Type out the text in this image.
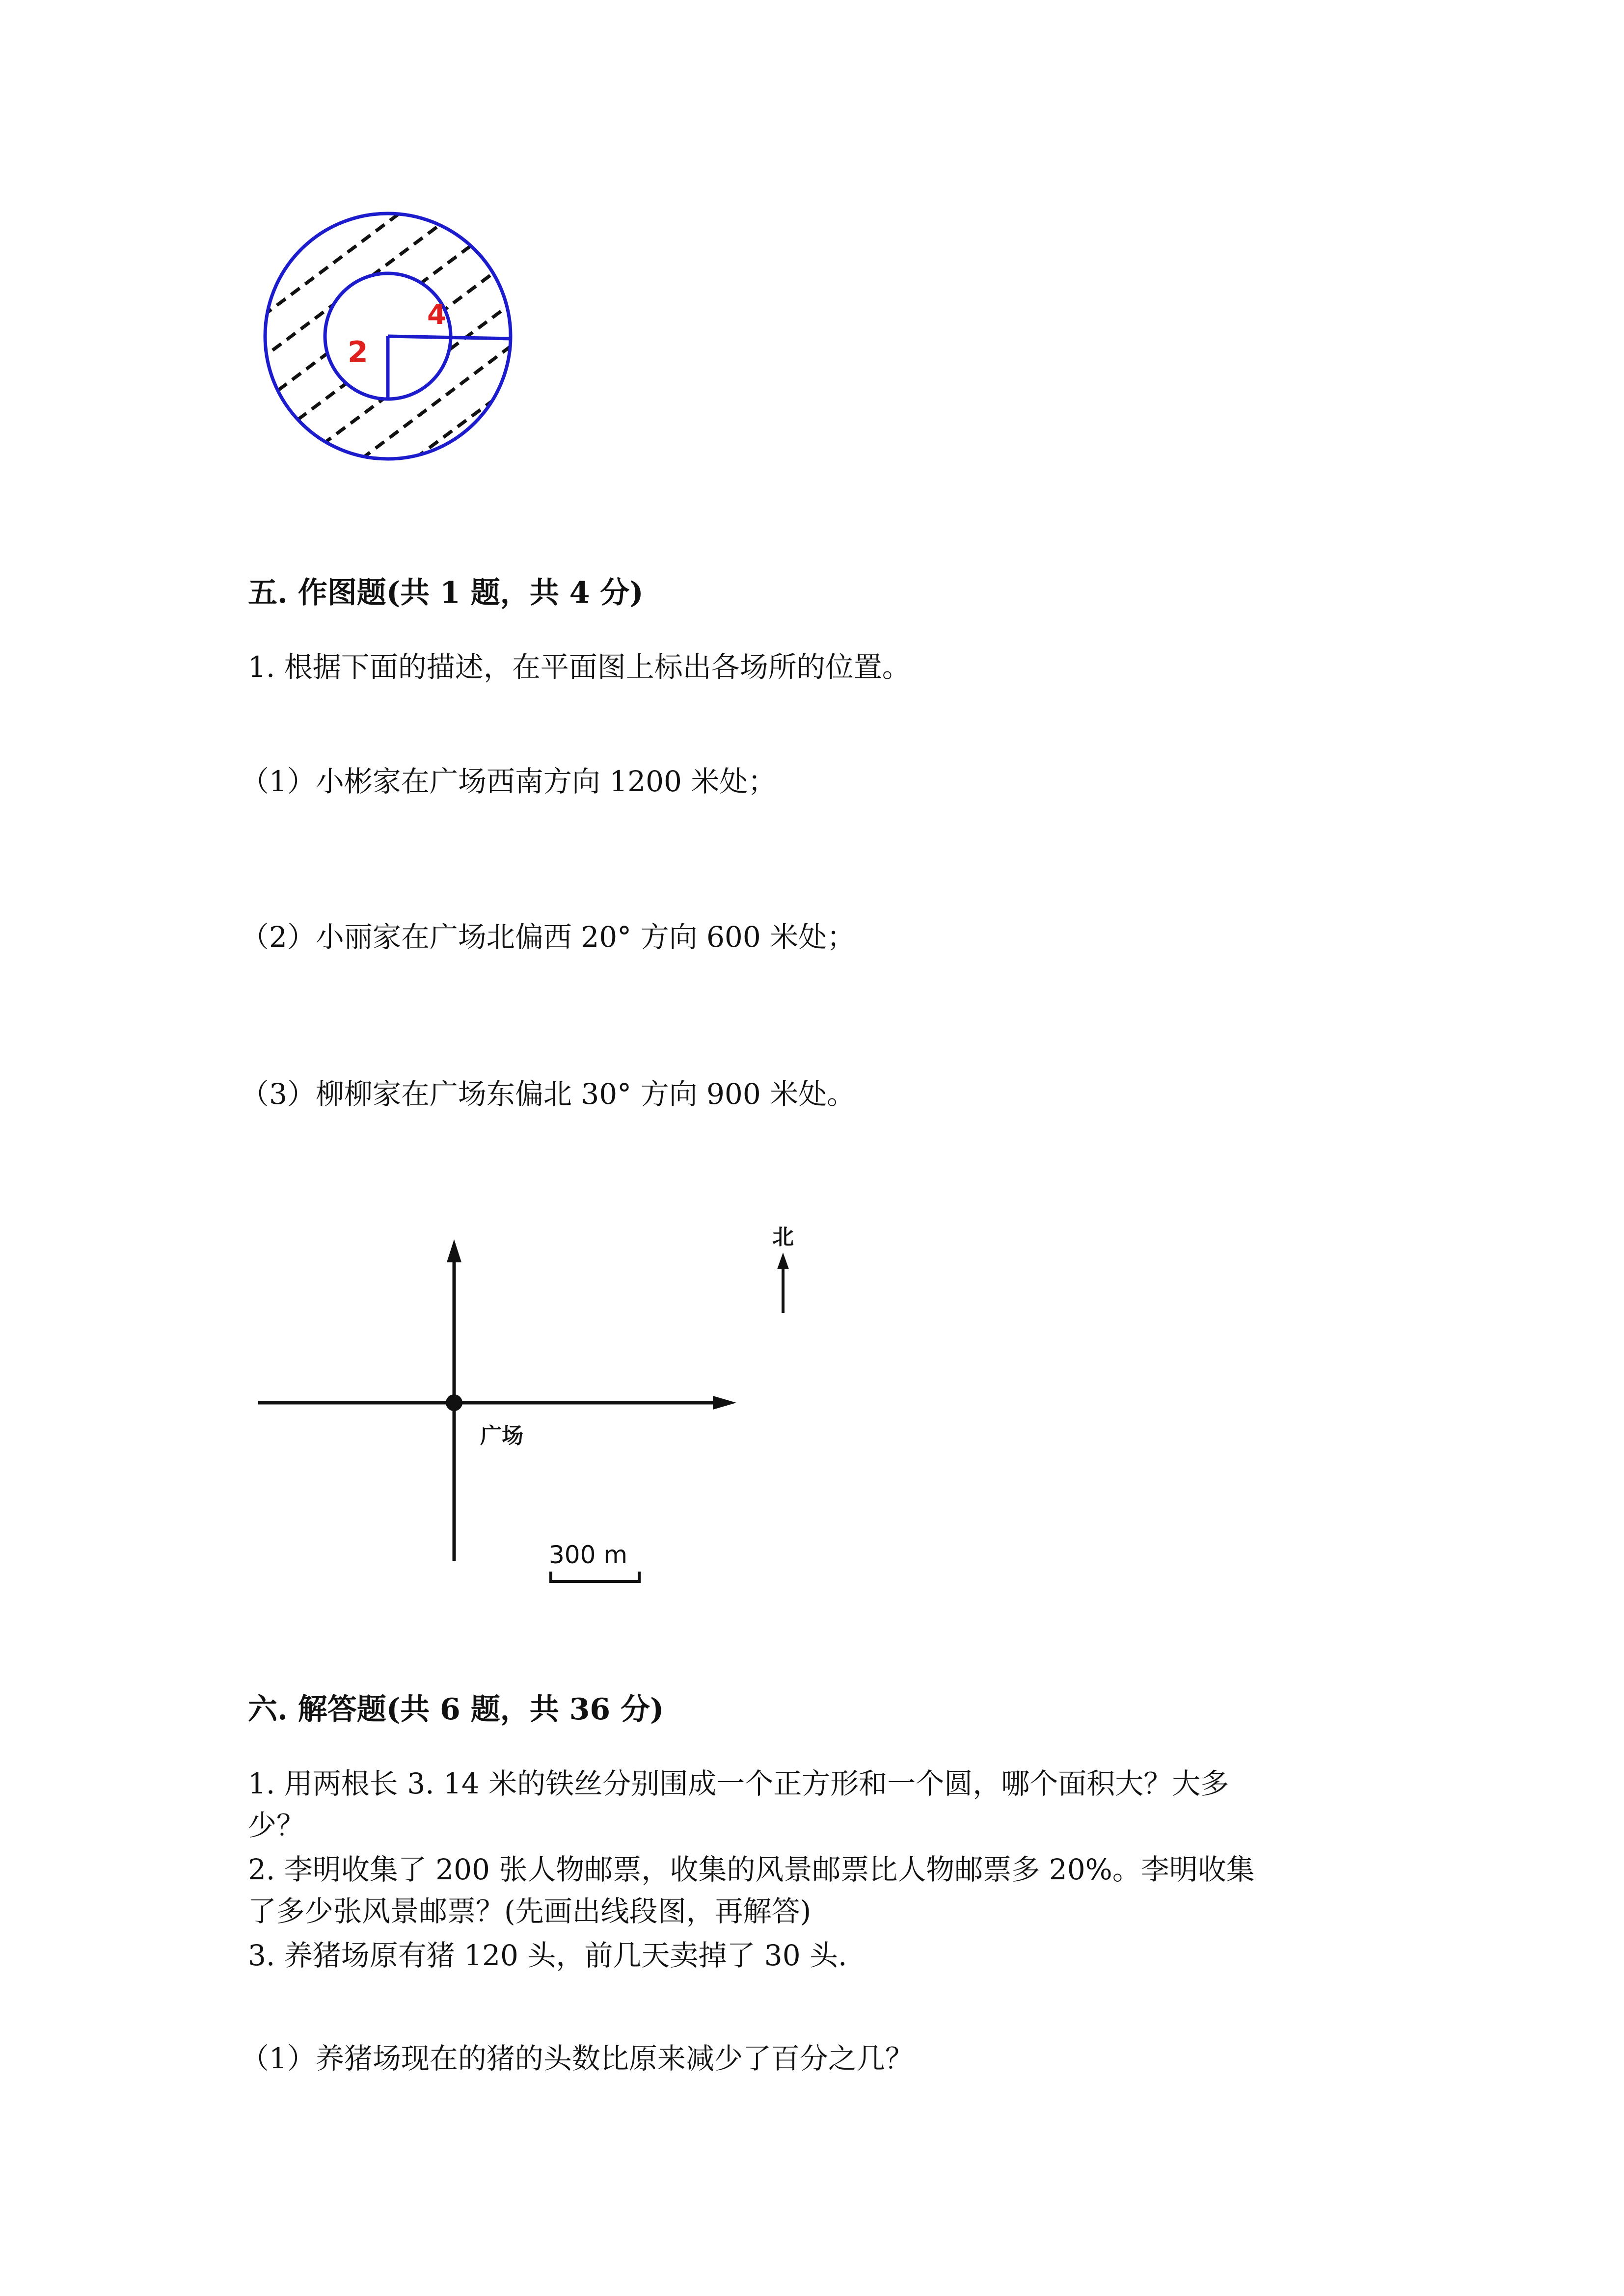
2
4
五. 作图题(共 1 题，共 4 分)
1. 根据下面的描述，在平面图上标出各场所的位置。
（1）小彬家在广场西南方向 1200 米处；
（2）小丽家在广场北偏西 20° 方向 600 米处；
（3）柳柳家在广场东偏北 30° 方向 900 米处。
广场
北
300 m
六. 解答题(共 6 题，共 36 分)
1. 用两根长 3. 14 米的铁丝分别围成一个正方形和一个圆，哪个面积大？大多
少？
2. 李明收集了 200 张人物邮票，收集的风景邮票比人物邮票多 20%。李明收集
了多少张风景邮票？(先画出线段图，再解答)
3. 养猪场原有猪 120 头，前几天卖掉了 30 头.
（1）养猪场现在的猪的头数比原来减少了百分之几？
